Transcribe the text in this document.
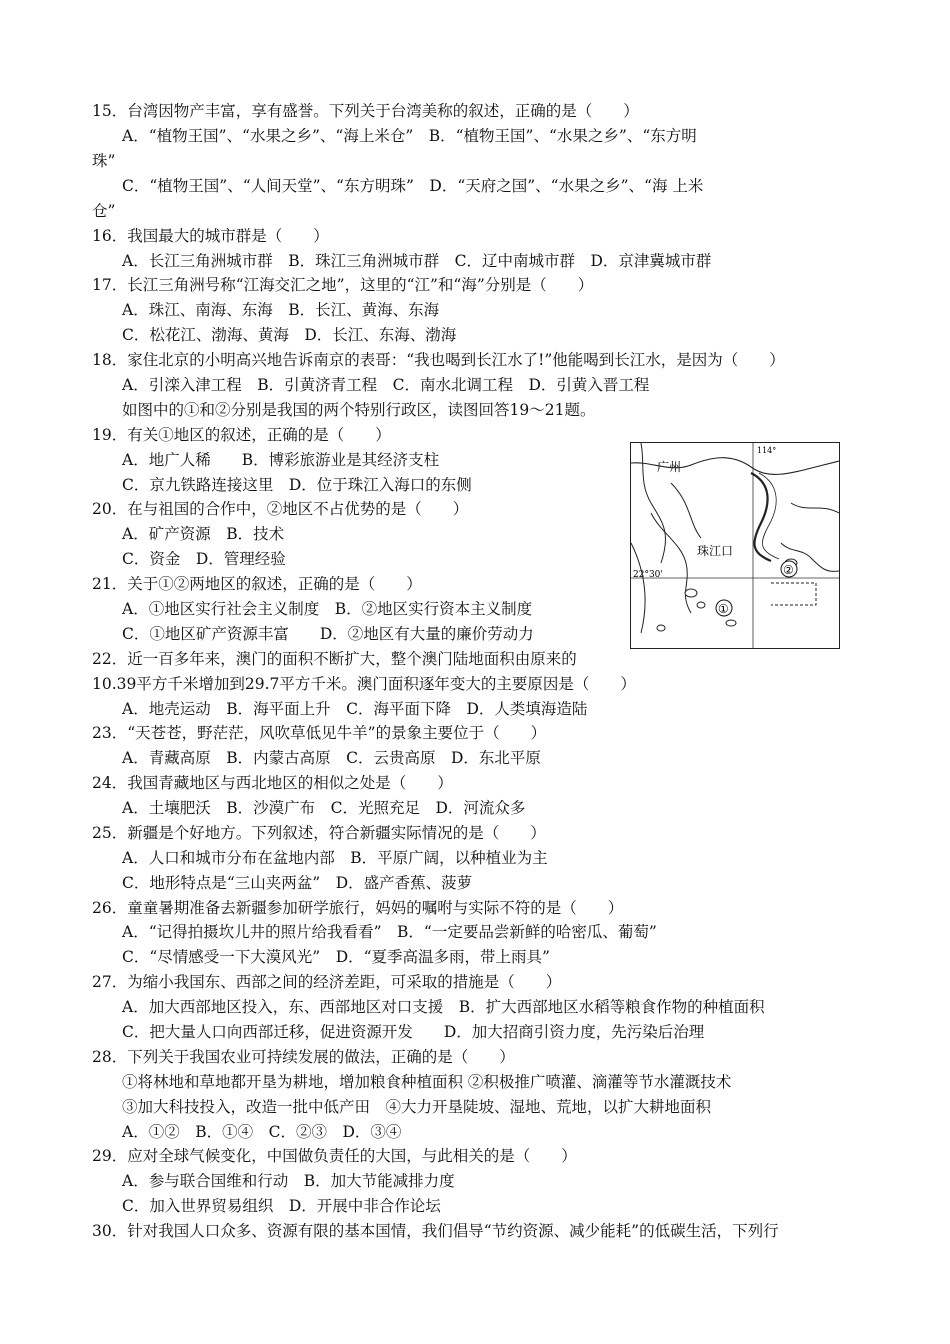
15．台湾因物产丰富，享有盛誉。下列关于台湾美称的叙述，正确的是（　　）
A．“植物王国”、“水果之乡”、“海上米仓”　B．“植物王国”、“水果之乡”、“东方明
珠”
C．“植物王国”、“人间天堂”、“东方明珠”　D．“天府之国”、“水果之乡”、“海 上米
仓”
16．我国最大的城市群是（　　）
A．长江三角洲城市群　B．珠江三角洲城市群　C．辽中南城市群　D．京津冀城市群
17．长江三角洲号称“江海交汇之地”，这里的“江”和“海”分别是（　　）
A．珠江、南海、东海　B．长江、黄海、东海
C．松花江、渤海、黄海　D．长江、东海、渤海
18．家住北京的小明高兴地告诉南京的表哥：“我也喝到长江水了!”他能喝到长江水，是因为（　　）
A．引滦入津工程　B．引黄济青工程　C．南水北调工程　D．引黄入晋工程
如图中的①和②分别是我国的两个特别行政区，读图回答19～21题。
19．有关①地区的叙述，正确的是（　　）
A．地广人稀　　B．博彩旅游业是其经济支柱
C．京九铁路连接这里　D．位于珠江入海口的东侧
20．在与祖国的合作中，②地区不占优势的是（　　）
A．矿产资源　B．技术
C．资金　D．管理经验
21．关于①②两地区的叙述，正确的是（　　）
A．①地区实行社会主义制度　B．②地区实行资本主义制度
C．①地区矿产资源丰富　　D．②地区有大量的廉价劳动力
22．近一百多年来，澳门的面积不断扩大，整个澳门陆地面积由原来的
10.39平方千米增加到29.7平方千米。澳门面积逐年变大的主要原因是（　　）
A．地壳运动　B．海平面上升　C．海平面下降　D．人类填海造陆
23．“天苍苍，野茫茫，风吹草低见牛羊”的景象主要位于（　　）
A．青藏高原　B．内蒙古高原　C．云贵高原　D．东北平原
24．我国青藏地区与西北地区的相似之处是（　　）
A．土壤肥沃　B．沙漠广布　C．光照充足　D．河流众多
25．新疆是个好地方。下列叙述，符合新疆实际情况的是（　　）
A．人口和城市分布在盆地内部　B．平原广阔，以种植业为主
C．地形特点是“三山夹两盆”　D．盛产香蕉、菠萝
26．童童暑期准备去新疆参加研学旅行，妈妈的嘱咐与实际不符的是（　　）
A．“记得拍摄坎儿井的照片给我看看”　B．“一定要品尝新鲜的哈密瓜、葡萄”
C．“尽情感受一下大漠风光”　D．“夏季高温多雨，带上雨具”
27．为缩小我国东、西部之间的经济差距，可采取的措施是（　　）
A．加大西部地区投入，东、西部地区对口支援　B．扩大西部地区水稻等粮食作物的种植面积
C．把大量人口向西部迁移，促进资源开发　　D．加大招商引资力度，先污染后治理
28．下列关于我国农业可持续发展的做法，正确的是（　　）
①将林地和草地都开垦为耕地，增加粮食种植面积 ②积极推广喷灌、滴灌等节水灌溉技术
③加大科技投入，改造一批中低产田　④大力开垦陡坡、湿地、荒地，以扩大耕地面积
A．①②　B．①④　C．②③　D．③④
29．应对全球气候变化，中国做负责任的大国，与此相关的是（　　）
A．参与联合国维和行动　B．加大节能减排力度
C．加入世界贸易组织　D．开展中非合作论坛
30．针对我国人口众多、资源有限的基本国情，我们倡导“节约资源、减少能耗”的低碳生活，下列行
114°
22°30'
广州
珠江口
①
②
